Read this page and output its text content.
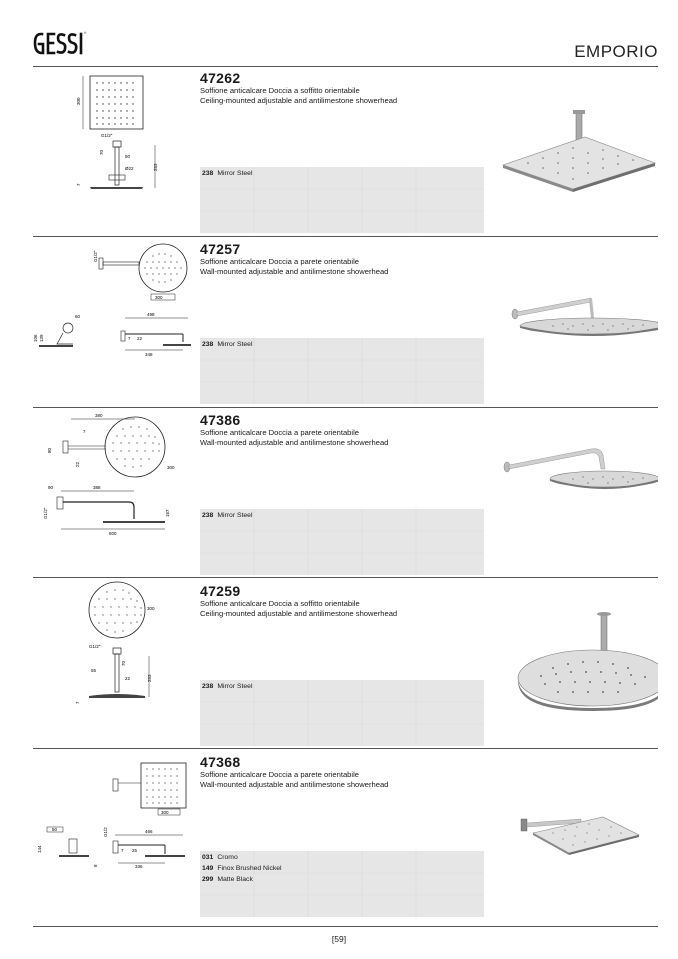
®
EMPORIO
300
G1/2"
50
70
Ø22	253
7
47262
Soffione anticalcare Doccia a soffitto orientabile
Ceiling-mounted adjustable and antilimestone showerhead
238 Mirror Steel
G1/2"
300
60	498
106 139	7 22
348
47257
Soffione anticalcare Doccia a parete orientabile
Wall-mounted adjustable and antilimestone showerhead
238 Mirror Steel
380
7
80
22
300
90	388
G1/2"	167
600
47386
Soffione anticalcare Doccia a parete orientabile
Wall-mounted adjustable and antilimestone showerhead
238 Mirror Steel
300
G1/2"
55
70
22	253
7
47259
Soffione anticalcare Doccia a soffitto orientabile
Ceiling-mounted adjustable and antilimestone showerhead
238 Mirror Steel
300
50	G1/2	466
144	7 25
336
8
47368
Soffione anticalcare Doccia a parete orientabile
Wall-mounted adjustable and antilimestone showerhead
031 Cromo
149 Finox Brushed Nickel
299 Matte Black
[59]
